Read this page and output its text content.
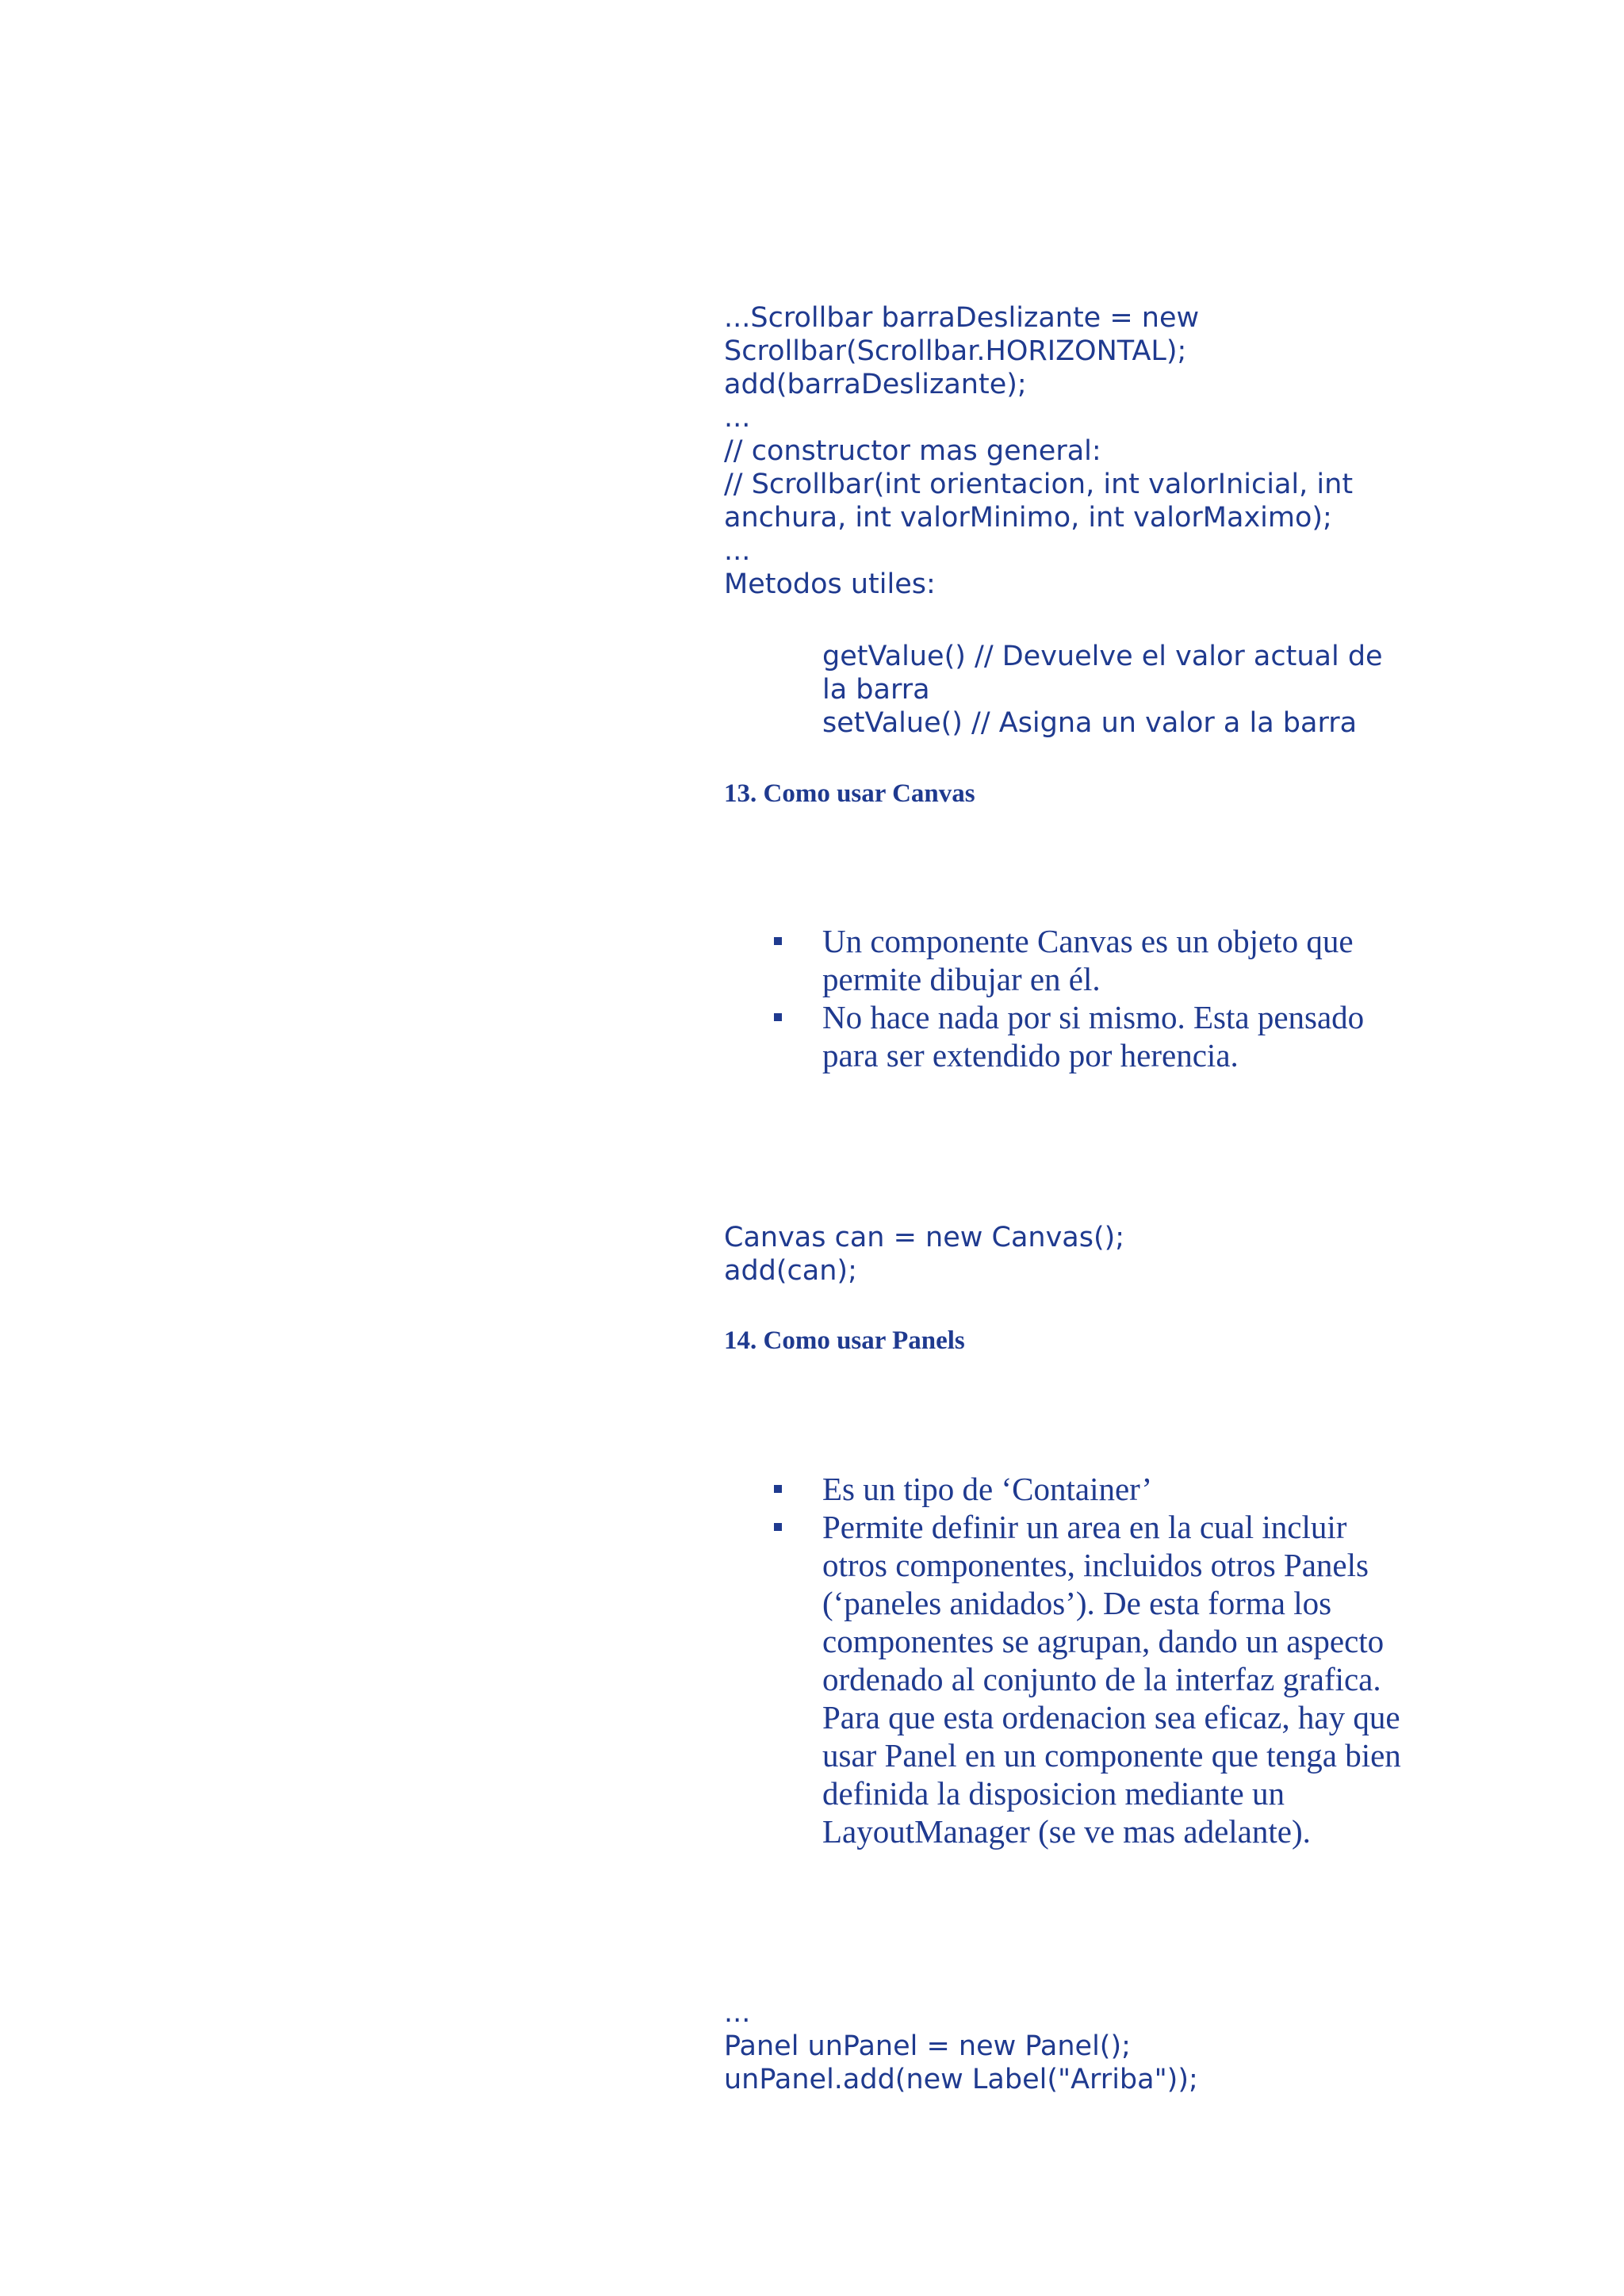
...Scrollbar barraDeslizante = new
Scrollbar(Scrollbar.HORIZONTAL);
add(barraDeslizante);
...
// constructor mas general:
// Scrollbar(int orientacion, int valorInicial, int
anchura, int valorMinimo, int valorMaximo);
...
Metodos utiles:
getValue() // Devuelve el valor actual de
la barra
setValue() // Asigna un valor a la barra
13. Como usar Canvas
Un componente Canvas es un objeto que permite dibujar en él.
No hace nada por si mismo. Esta pensado para ser extendido por herencia.
Canvas can = new Canvas();
add(can);
14. Como usar Panels
Es un tipo de ‘Container’
Permite definir un area en la cual incluir otros componentes, incluidos otros Panels (‘paneles anidados’). De esta forma los componentes se agrupan, dando un aspecto ordenado al conjunto de la interfaz grafica. Para que esta ordenacion sea eficaz, hay que usar Panel en un componente que tenga bien definida la disposicion mediante un LayoutManager (se ve mas adelante).
...
Panel unPanel = new Panel();
unPanel.add(new Label("Arriba"));
